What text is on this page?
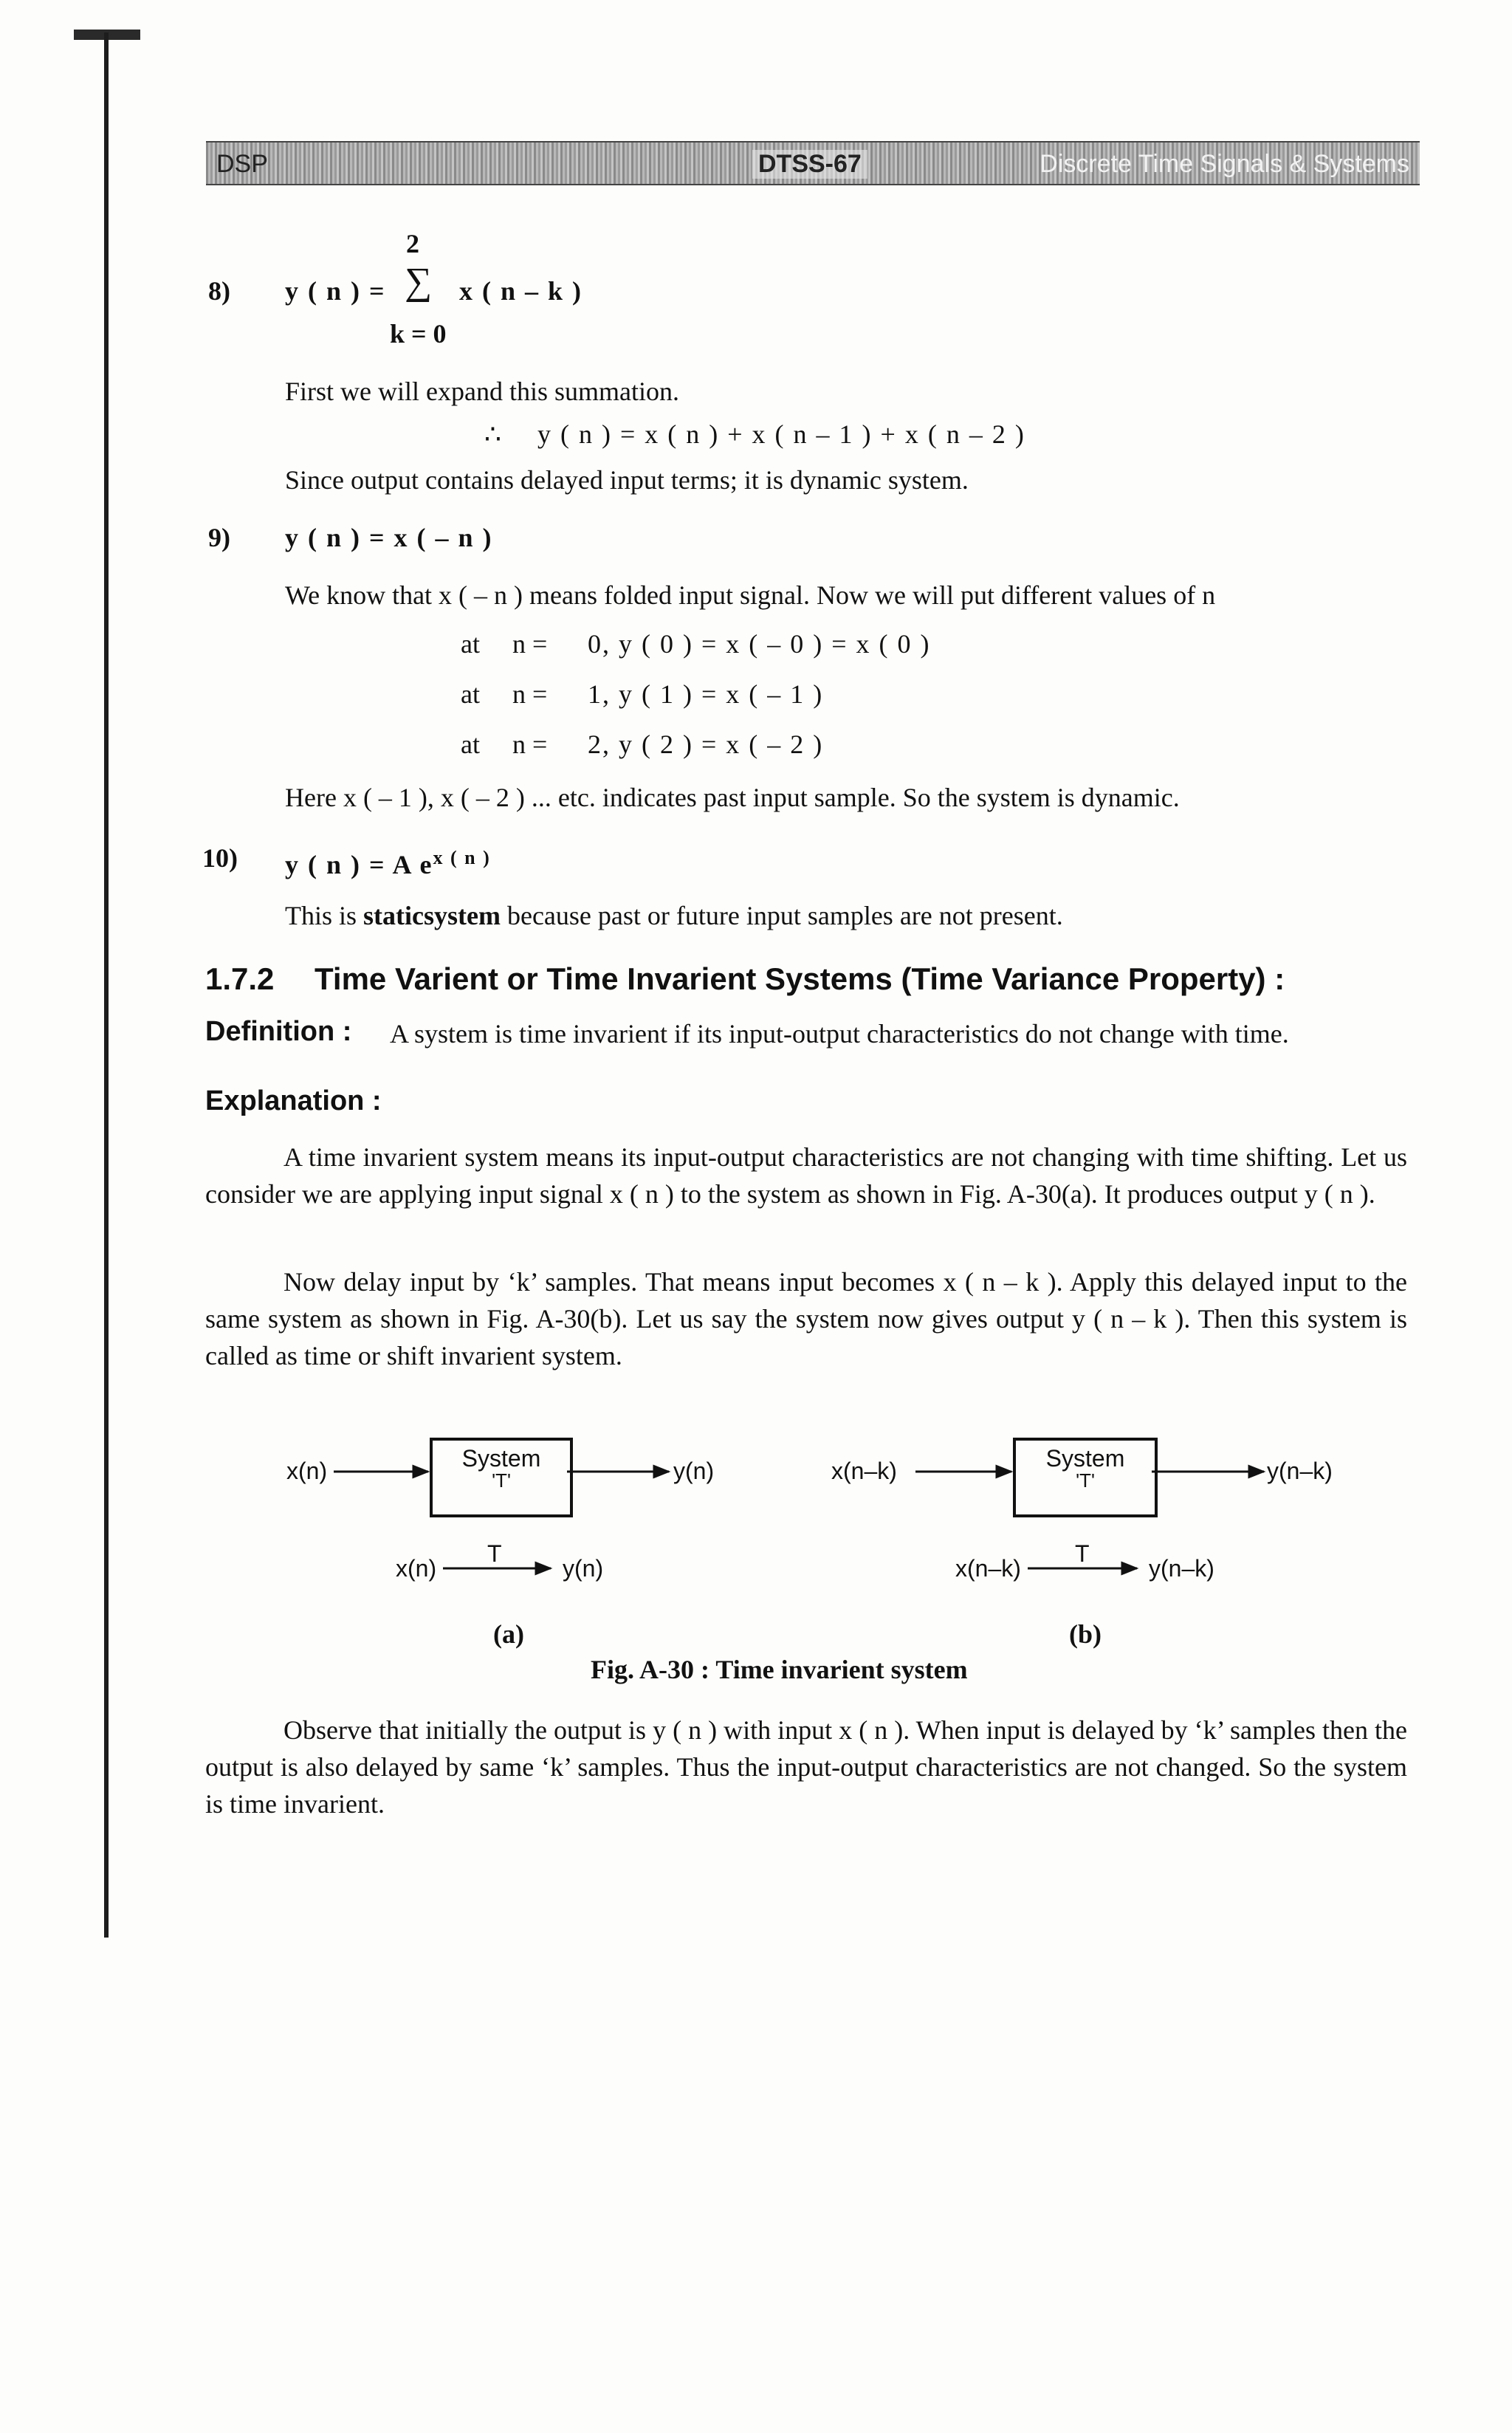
DSP	DTSS-67	Discrete Time Signals & Systems
2
8) y ( n ) = ∑ x ( n – k )
k = 0
First we will expand this summation.
∴ y ( n ) = x ( n ) + x ( n – 1 ) + x ( n – 2 )
Since output contains delayed input terms; it is dynamic system.
9) y ( n ) = x ( – n )
We know that x ( – n ) means folded input signal. Now we will put different values of n
at n = 0, y ( 0 ) = x ( – 0 ) = x ( 0 )
at n = 1, y ( 1 ) = x ( – 1 )
at n = 2, y ( 2 ) = x ( – 2 )
Here x ( – 1 ), x ( – 2 ) ... etc. indicates past input sample. So the system is dynamic.
10) y ( n ) = A $e^{x ( n )}$
This is staticsystem because past or future input samples are not present.
1.7.2 Time Varient or Time Invarient Systems (Time Variance Property) :
Definition : A system is time invarient if its input-output characteristics do not change with time.
Explanation :
A time invarient system means its input-output characteristics are not changing with time shifting. Let us consider we are applying input signal x ( n ) to the system as shown in Fig. A-30(a). It produces output y ( n ).
Now delay input by ‘k’ samples. That means input becomes x ( n – k ). Apply this delayed input to the same system as shown in Fig. A-30(b). Let us say the system now gives output y ( n – k ). Then this system is called as time or shift invarient system.
x(n)	System
'T'	y(n)
x(n)
T
y(n)
(a)
x(n–k)	System
'T'	y(n–k)
x(n–k)
T
y(n–k)
(b)
Fig. A-30 : Time invarient system
Observe that initially the output is y ( n ) with input x ( n ). When input is delayed by ‘k’ samples then the output is also delayed by same ‘k’ samples. Thus the input-output characteristics are not changed. So the system is time invarient.
